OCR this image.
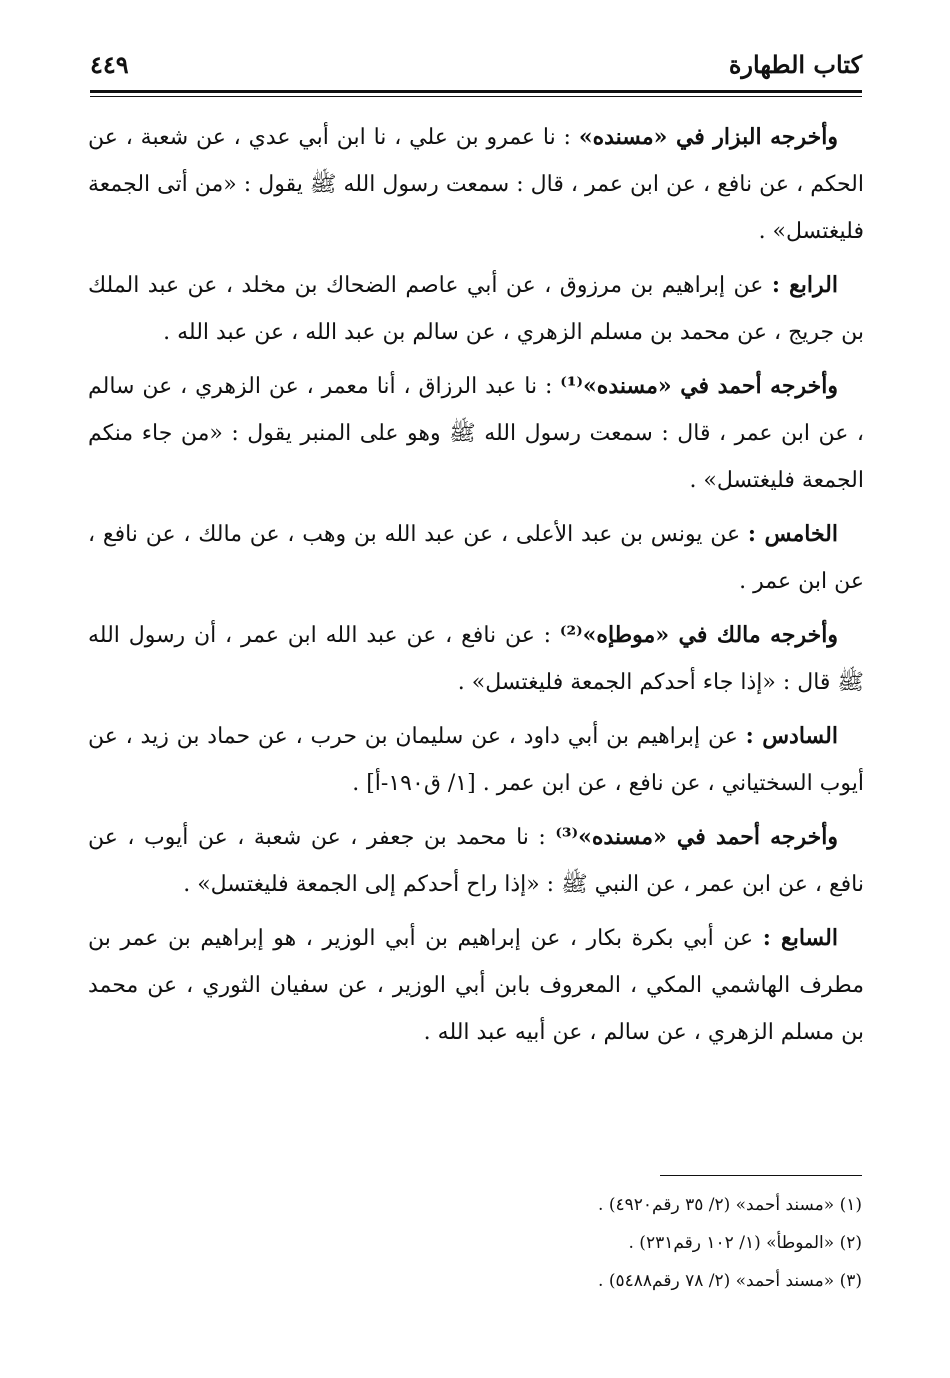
كتاب الطهارة
٤٤٩

وأخرجه البزار في «مسنده» : نا عمرو بن علي ، نا ابن أبي عدي ، عن شعبة ، عن الحكم ، عن نافع ، عن ابن عمر ، قال : سمعت رسول الله ﷺ يقول : «من أتى الجمعة فليغتسل» .

الرابع : عن إبراهيم بن مرزوق ، عن أبي عاصم الضحاك بن مخلد ، عن عبد الملك بن جريج ، عن محمد بن مسلم الزهري ، عن سالم بن عبد الله ، عن عبد الله .

وأخرجه أحمد في «مسنده»⁽¹⁾ : نا عبد الرزاق ، أنا معمر ، عن الزهري ، عن سالم ، عن ابن عمر ، قال : سمعت رسول الله ﷺ وهو على المنبر يقول : «من جاء منكم الجمعة فليغتسل» .

الخامس : عن يونس بن عبد الأعلى ، عن عبد الله بن وهب ، عن مالك ، عن نافع ، عن ابن عمر .

وأخرجه مالك في «موطإه»⁽²⁾ : عن نافع ، عن عبد الله ابن عمر ، أن رسول الله ﷺ قال : «إذا جاء أحدكم الجمعة فليغتسل» .

السادس : عن إبراهيم بن أبي داود ، عن سليمان بن حرب ، عن حماد بن زيد ، عن أيوب السختياني ، عن نافع ، عن ابن عمر . [١/ ق١٩٠-أ] .

وأخرجه أحمد في «مسنده»⁽³⁾ : نا محمد بن جعفر ، عن شعبة ، عن أيوب ، عن نافع ، عن ابن عمر ، عن النبي ﷺ : «إذا راح أحدكم إلى الجمعة فليغتسل» .

السابع : عن أبي بكرة بكار ، عن إبراهيم بن أبي الوزير ، هو إبراهيم بن عمر بن مطرف الهاشمي المكي ، المعروف بابن أبي الوزير ، عن سفيان الثوري ، عن محمد بن مسلم الزهري ، عن سالم ، عن أبيه عبد الله .

(١) «مسند أحمد» (٢/ ٣٥ رقم٤٩٢٠) .

(٢) «الموطأ» (١/ ١٠٢ رقم٢٣١) .

(٣) «مسند أحمد» (٢/ ٧٨ رقم٥٤٨٨) .
